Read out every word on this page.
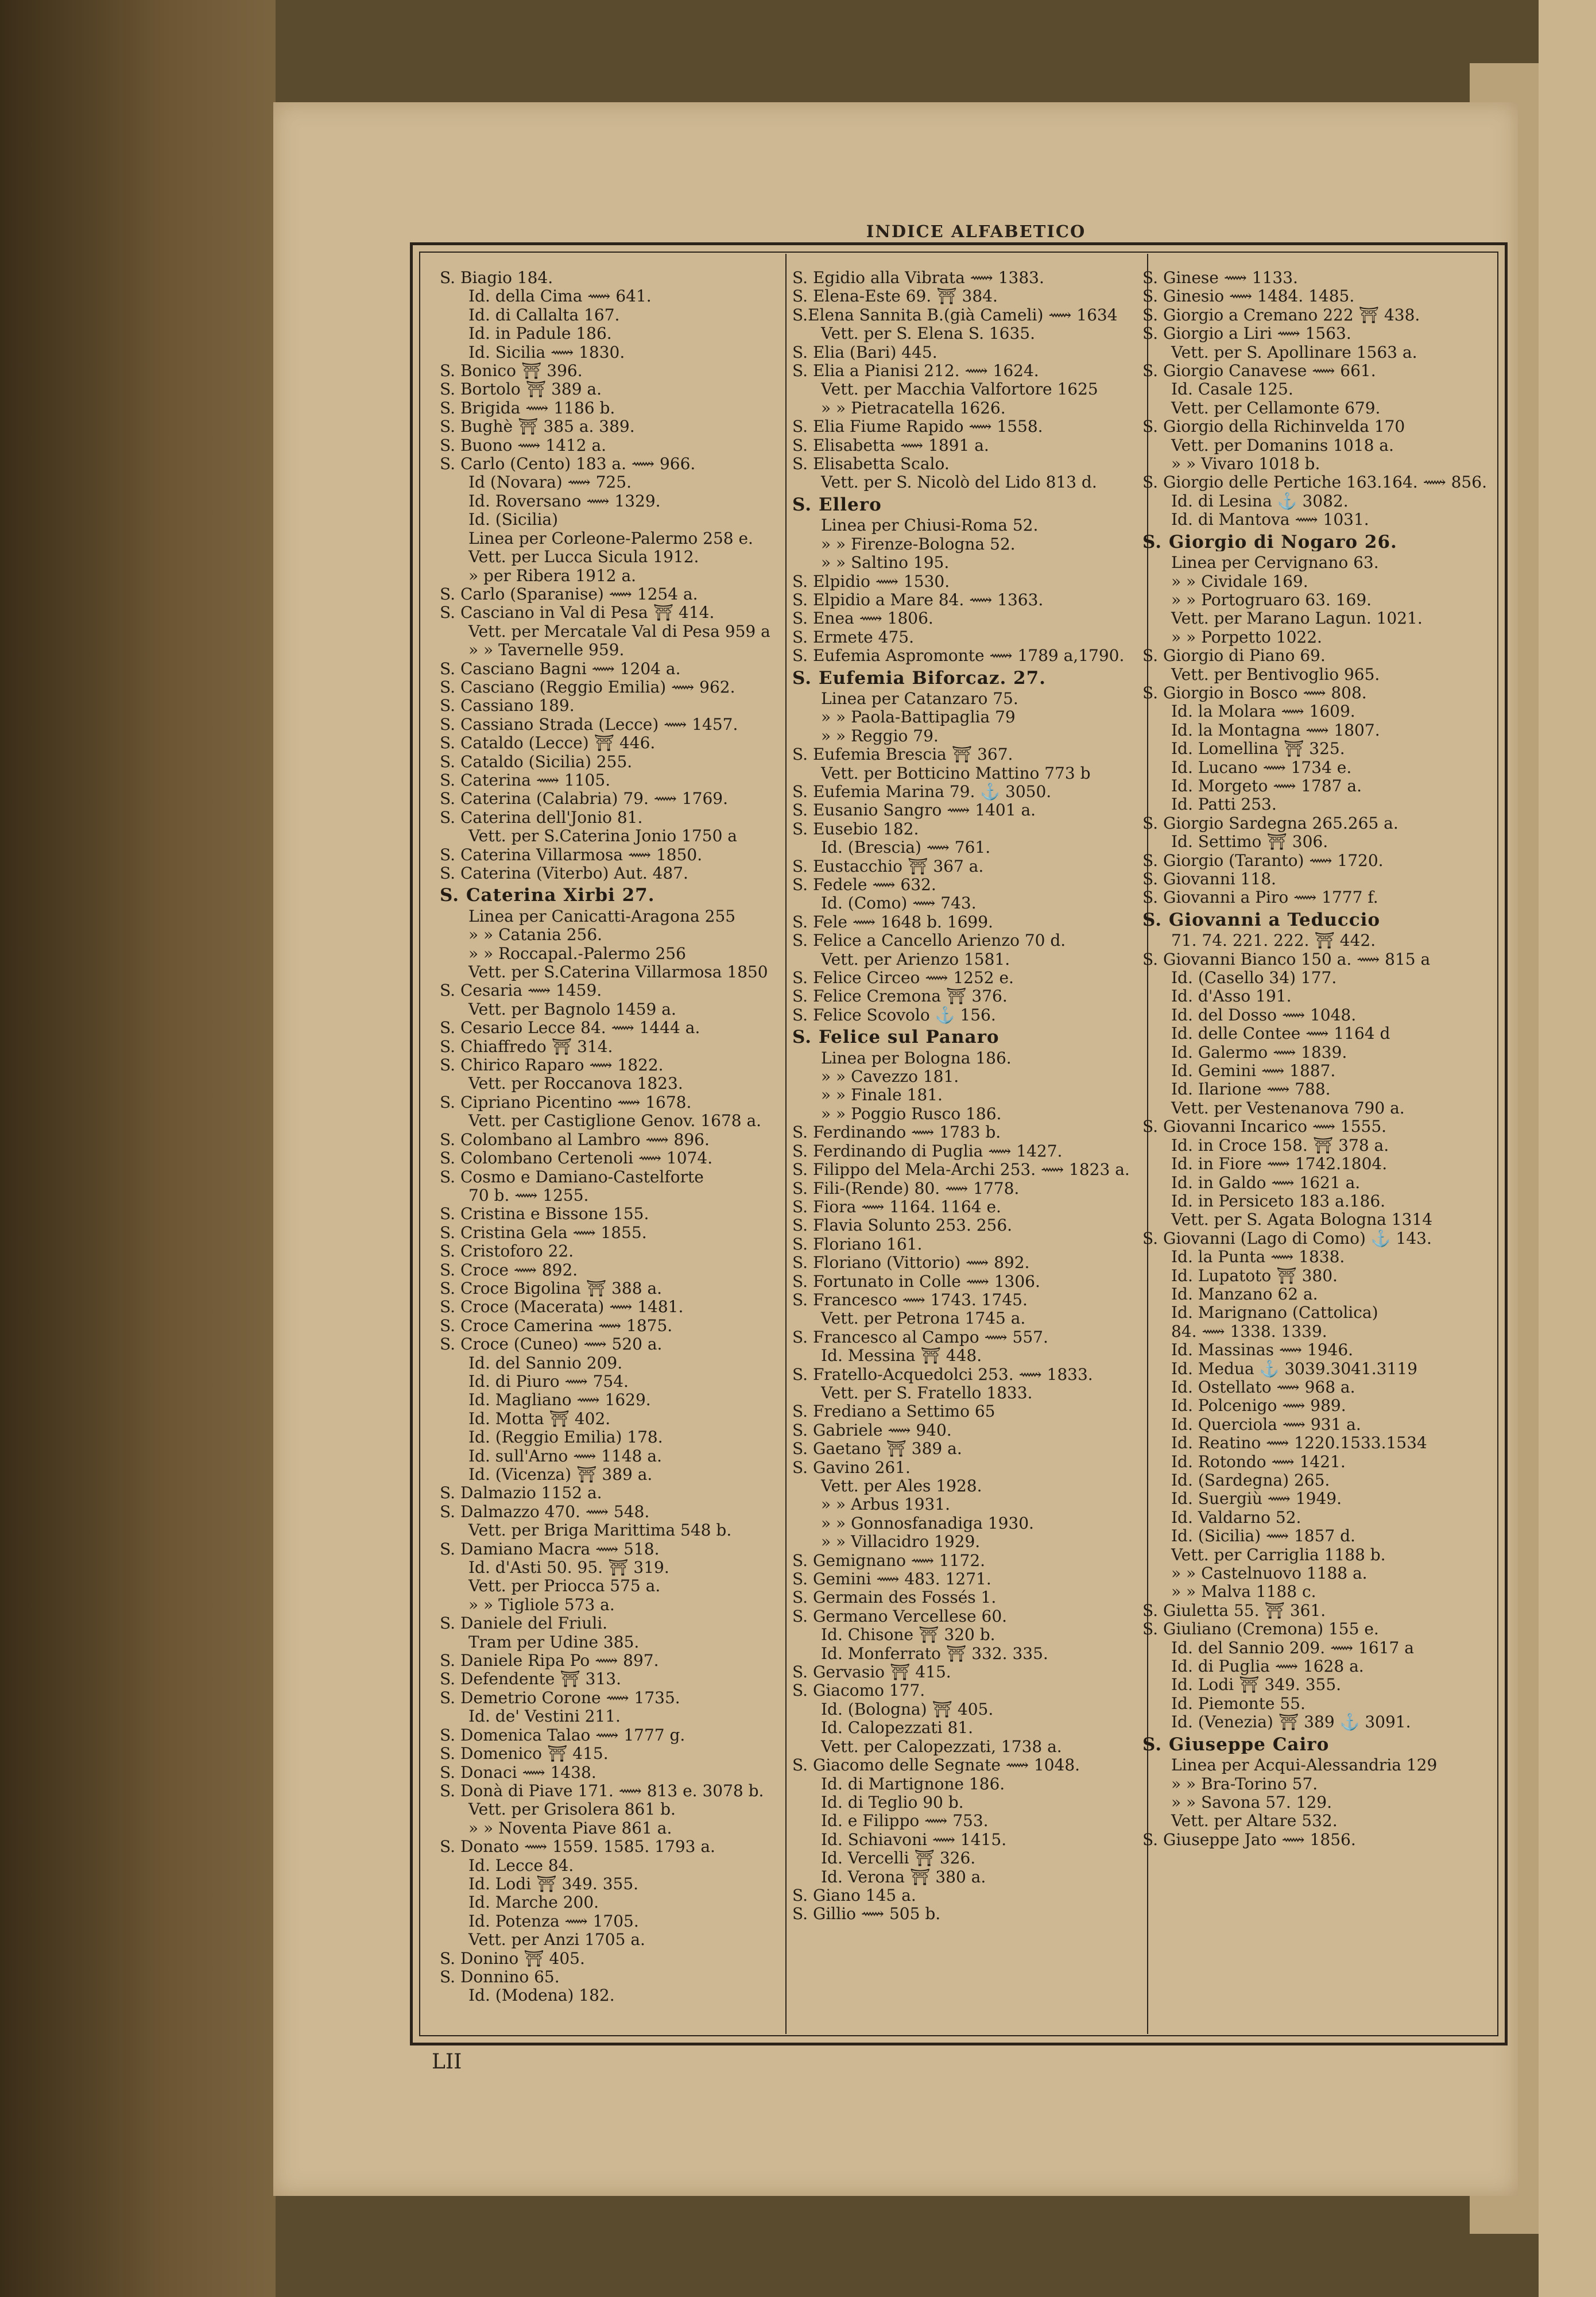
INDICE ALFABETICO
S. Biagio 184.
Id. della Cima ⟿ 641.
Id. di Callalta 167.
Id. in Padule 186.
Id. Sicilia ⟿ 1830.
S. Bonico ⛩ 396.
S. Bortolo ⛩ 389 a.
S. Brigida ⟿ 1186 b.
S. Bughè ⛩ 385 a. 389.
S. Buono ⟿ 1412 a.
S. Carlo (Cento) 183 a. ⟿ 966.
Id (Novara) ⟿ 725.
Id. Roversano ⟿ 1329.
Id. (Sicilia)
Linea per Corleone-Palermo 258 e.
Vett. per Lucca Sicula 1912.
» per Ribera 1912 a.
S. Carlo (Sparanise) ⟿ 1254 a.
S. Casciano in Val di Pesa ⛩ 414.
Vett. per Mercatale Val di Pesa 959 a
» » Tavernelle 959.
S. Casciano Bagni ⟿ 1204 a.
S. Casciano (Reggio Emilia) ⟿ 962.
S. Cassiano 189.
S. Cassiano Strada (Lecce) ⟿ 1457.
S. Cataldo (Lecce) ⛩ 446.
S. Cataldo (Sicilia) 255.
S. Caterina ⟿ 1105.
S. Caterina (Calabria) 79. ⟿ 1769.
S. Caterina dell'Jonio 81.
Vett. per S.Caterina Jonio 1750 a
S. Caterina Villarmosa ⟿ 1850.
S. Caterina (Viterbo) Aut. 487.
S. Caterina Xirbi 27.
Linea per Canicatti-Aragona 255
» » Catania 256.
» » Roccapal.-Palermo 256
Vett. per S.Caterina Villarmosa 1850
S. Cesaria ⟿ 1459.
Vett. per Bagnolo 1459 a.
S. Cesario Lecce 84. ⟿ 1444 a.
S. Chiaffredo ⛩ 314.
S. Chirico Raparo ⟿ 1822.
Vett. per Roccanova 1823.
S. Cipriano Picentino ⟿ 1678.
Vett. per Castiglione Genov. 1678 a.
S. Colombano al Lambro ⟿ 896.
S. Colombano Certenoli ⟿ 1074.
S. Cosmo e Damiano-Castelforte
70 b. ⟿ 1255.
S. Cristina e Bissone 155.
S. Cristina Gela ⟿ 1855.
S. Cristoforo 22.
S. Croce ⟿ 892.
S. Croce Bigolina ⛩ 388 a.
S. Croce (Macerata) ⟿ 1481.
S. Croce Camerina ⟿ 1875.
S. Croce (Cuneo) ⟿ 520 a.
Id. del Sannio 209.
Id. di Piuro ⟿ 754.
Id. Magliano ⟿ 1629.
Id. Motta ⛩ 402.
Id. (Reggio Emilia) 178.
Id. sull'Arno ⟿ 1148 a.
Id. (Vicenza) ⛩ 389 a.
S. Dalmazio 1152 a.
S. Dalmazzo 470. ⟿ 548.
Vett. per Briga Marittima 548 b.
S. Damiano Macra ⟿ 518.
Id. d'Asti 50. 95. ⛩ 319.
Vett. per Priocca 575 a.
» » Tigliole 573 a.
S. Daniele del Friuli.
Tram per Udine 385.
S. Daniele Ripa Po ⟿ 897.
S. Defendente ⛩ 313.
S. Demetrio Corone ⟿ 1735.
Id. de' Vestini 211.
S. Domenica Talao ⟿ 1777 g.
S. Domenico ⛩ 415.
S. Donaci ⟿ 1438.
S. Donà di Piave 171. ⟿ 813 e. 3078 b.
Vett. per Grisolera 861 b.
» » Noventa Piave 861 a.
S. Donato ⟿ 1559. 1585. 1793 a.
Id. Lecce 84.
Id. Lodi ⛩ 349. 355.
Id. Marche 200.
Id. Potenza ⟿ 1705.
Vett. per Anzi 1705 a.
S. Donino ⛩ 405.
S. Donnino 65.
Id. (Modena) 182.
S. Egidio alla Vibrata ⟿ 1383.
S. Elena-Este 69. ⛩ 384.
S.Elena Sannita B.(già Cameli) ⟿ 1634
Vett. per S. Elena S. 1635.
S. Elia (Bari) 445.
S. Elia a Pianisi 212. ⟿ 1624.
Vett. per Macchia Valfortore 1625
» » Pietracatella 1626.
S. Elia Fiume Rapido ⟿ 1558.
S. Elisabetta ⟿ 1891 a.
S. Elisabetta Scalo.
Vett. per S. Nicolò del Lido 813 d.
S. Ellero
Linea per Chiusi-Roma 52.
» » Firenze-Bologna 52.
» » Saltino 195.
S. Elpidio ⟿ 1530.
S. Elpidio a Mare 84. ⟿ 1363.
S. Enea ⟿ 1806.
S. Ermete 475.
S. Eufemia Aspromonte ⟿ 1789 a,1790.
S. Eufemia Biforcaz. 27.
Linea per Catanzaro 75.
» » Paola-Battipaglia 79
» » Reggio 79.
S. Eufemia Brescia ⛩ 367.
Vett. per Botticino Mattino 773 b
S. Eufemia Marina 79. ⚓ 3050.
S. Eusanio Sangro ⟿ 1401 a.
S. Eusebio 182.
Id. (Brescia) ⟿ 761.
S. Eustacchio ⛩ 367 a.
S. Fedele ⟿ 632.
Id. (Como) ⟿ 743.
S. Fele ⟿ 1648 b. 1699.
S. Felice a Cancello Arienzo 70 d.
Vett. per Arienzo 1581.
S. Felice Circeo ⟿ 1252 e.
S. Felice Cremona ⛩ 376.
S. Felice Scovolo ⚓ 156.
S. Felice sul Panaro
Linea per Bologna 186.
» » Cavezzo 181.
» » Finale 181.
» » Poggio Rusco 186.
S. Ferdinando ⟿ 1783 b.
S. Ferdinando di Puglia ⟿ 1427.
S. Filippo del Mela-Archi 253. ⟿ 1823 a.
S. Fili-(Rende) 80. ⟿ 1778.
S. Fiora ⟿ 1164. 1164 e.
S. Flavia Solunto 253. 256.
S. Floriano 161.
S. Floriano (Vittorio) ⟿ 892.
S. Fortunato in Colle ⟿ 1306.
S. Francesco ⟿ 1743. 1745.
Vett. per Petrona 1745 a.
S. Francesco al Campo ⟿ 557.
Id. Messina ⛩ 448.
S. Fratello-Acquedolci 253. ⟿ 1833.
Vett. per S. Fratello 1833.
S. Frediano a Settimo 65
S. Gabriele ⟿ 940.
S. Gaetano ⛩ 389 a.
S. Gavino 261.
Vett. per Ales 1928.
» » Arbus 1931.
» » Gonnosfanadiga 1930.
» » Villacidro 1929.
S. Gemignano ⟿ 1172.
S. Gemini ⟿ 483. 1271.
S. Germain des Fossés 1.
S. Germano Vercellese 60.
Id. Chisone ⛩ 320 b.
Id. Monferrato ⛩ 332. 335.
S. Gervasio ⛩ 415.
S. Giacomo 177.
Id. (Bologna) ⛩ 405.
Id. Calopezzati 81.
Vett. per Calopezzati, 1738 a.
S. Giacomo delle Segnate ⟿ 1048.
Id. di Martignone 186.
Id. di Teglio 90 b.
Id. e Filippo ⟿ 753.
Id. Schiavoni ⟿ 1415.
Id. Vercelli ⛩ 326.
Id. Verona ⛩ 380 a.
S. Giano 145 a.
S. Gillio ⟿ 505 b.
S. Ginese ⟿ 1133.
S. Ginesio ⟿ 1484. 1485.
S. Giorgio a Cremano 222 ⛩ 438.
S. Giorgio a Liri ⟿ 1563.
Vett. per S. Apollinare 1563 a.
S. Giorgio Canavese ⟿ 661.
Id. Casale 125.
Vett. per Cellamonte 679.
S. Giorgio della Richinvelda 170
Vett. per Domanins 1018 a.
» » Vivaro 1018 b.
S. Giorgio delle Pertiche 163.164. ⟿ 856.
Id. di Lesina ⚓ 3082.
Id. di Mantova ⟿ 1031.
S. Giorgio di Nogaro 26.
Linea per Cervignano 63.
» » Cividale 169.
» » Portogruaro 63. 169.
Vett. per Marano Lagun. 1021.
» » Porpetto 1022.
S. Giorgio di Piano 69.
Vett. per Bentivoglio 965.
S. Giorgio in Bosco ⟿ 808.
Id. la Molara ⟿ 1609.
Id. la Montagna ⟿ 1807.
Id. Lomellina ⛩ 325.
Id. Lucano ⟿ 1734 e.
Id. Morgeto ⟿ 1787 a.
Id. Patti 253.
S. Giorgio Sardegna 265.265 a.
Id. Settimo ⛩ 306.
S. Giorgio (Taranto) ⟿ 1720.
S. Giovanni 118.
S. Giovanni a Piro ⟿ 1777 f.
S. Giovanni a Teduccio
71. 74. 221. 222. ⛩ 442.
S. Giovanni Bianco 150 a. ⟿ 815 a
Id. (Casello 34) 177.
Id. d'Asso 191.
Id. del Dosso ⟿ 1048.
Id. delle Contee ⟿ 1164 d
Id. Galermo ⟿ 1839.
Id. Gemini ⟿ 1887.
Id. Ilarione ⟿ 788.
Vett. per Vestenanova 790 a.
S. Giovanni Incarico ⟿ 1555.
Id. in Croce 158. ⛩ 378 a.
Id. in Fiore ⟿ 1742.1804.
Id. in Galdo ⟿ 1621 a.
Id. in Persiceto 183 a.186.
Vett. per S. Agata Bologna 1314
S. Giovanni (Lago di Como) ⚓ 143.
Id. la Punta ⟿ 1838.
Id. Lupatoto ⛩ 380.
Id. Manzano 62 a.
Id. Marignano (Cattolica)
84. ⟿ 1338. 1339.
Id. Massinas ⟿ 1946.
Id. Medua ⚓ 3039.3041.3119
Id. Ostellato ⟿ 968 a.
Id. Polcenigo ⟿ 989.
Id. Querciola ⟿ 931 a.
Id. Reatino ⟿ 1220.1533.1534
Id. Rotondo ⟿ 1421.
Id. (Sardegna) 265.
Id. Suergiù ⟿ 1949.
Id. Valdarno 52.
Id. (Sicilia) ⟿ 1857 d.
Vett. per Carriglia 1188 b.
» » Castelnuovo 1188 a.
» » Malva 1188 c.
S. Giuletta 55. ⛩ 361.
S. Giuliano (Cremona) 155 e.
Id. del Sannio 209. ⟿ 1617 a
Id. di Puglia ⟿ 1628 a.
Id. Lodi ⛩ 349. 355.
Id. Piemonte 55.
Id. (Venezia) ⛩ 389 ⚓ 3091.
S. Giuseppe Cairo
Linea per Acqui-Alessandria 129
» » Bra-Torino 57.
» » Savona 57. 129.
Vett. per Altare 532.
S. Giuseppe Jato ⟿ 1856.
LII
